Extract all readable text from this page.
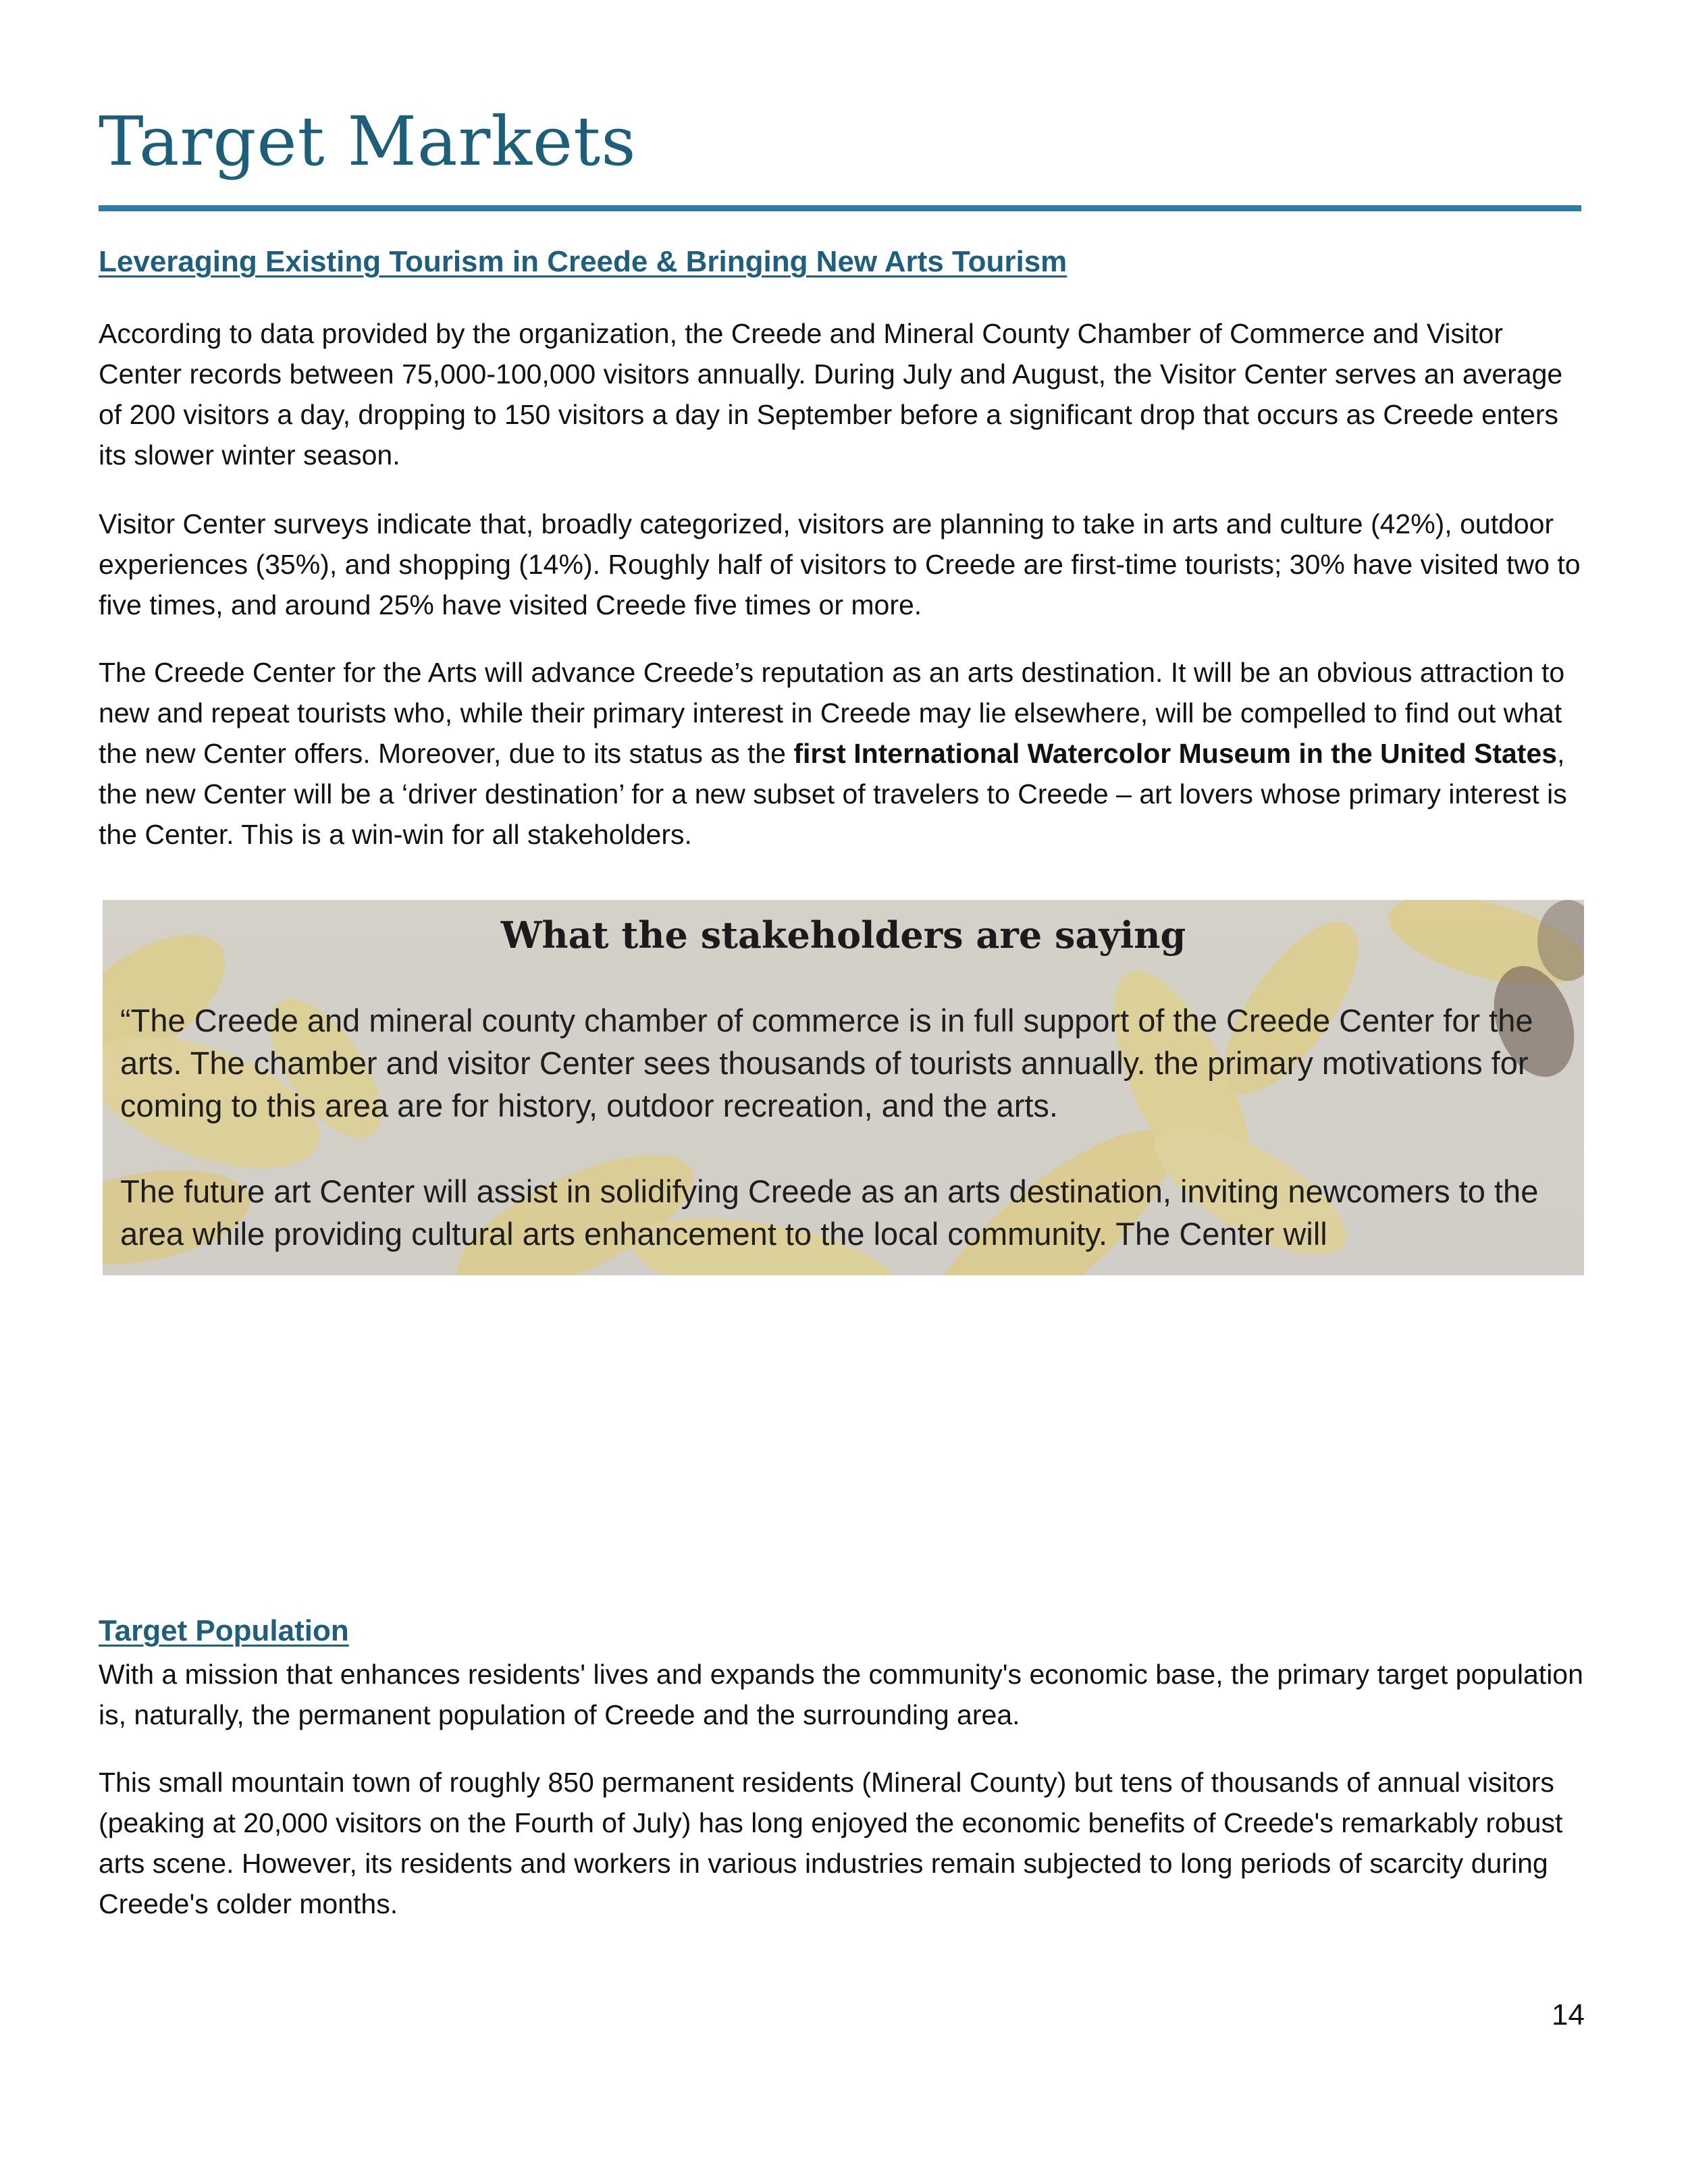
Target Markets
Leveraging Existing Tourism in Creede & Bringing New Arts Tourism

According to data provided by the organization, the Creede and Mineral County Chamber of Commerce and Visitor Center records between 75,000-100,000 visitors annually. During July and August, the Visitor Center serves an average of 200 visitors a day, dropping to 150 visitors a day in September before a significant drop that occurs as Creede enters its slower winter season.

Visitor Center surveys indicate that, broadly categorized, visitors are planning to take in arts and culture (42%), outdoor experiences (35%), and shopping (14%). Roughly half of visitors to Creede are first-time tourists; 30% have visited two to five times, and around 25% have visited Creede five times or more.

The Creede Center for the Arts will advance Creede’s reputation as an arts destination. It will be an obvious attraction to new and repeat tourists who, while their primary interest in Creede may lie elsewhere, will be compelled to find out what the new Center offers. Moreover, due to its status as the first International Watercolor Museum in the United States, the new Center will be a ‘driver destination’ for a new subset of travelers to Creede – art lovers whose primary interest is the Center. This is a win-win for all stakeholders.

What the stakeholders are saying

“The Creede and mineral county chamber of commerce is in full support of the Creede Center for the arts. The chamber and visitor Center sees thousands of tourists annually. the primary motivations for coming to this area are for history, outdoor recreation, and the arts.

The future art Center will assist in solidifying Creede as an arts destination, inviting newcomers to the area while providing cultural arts enhancement to the local community. The Center will

Target Population

With a mission that enhances residents' lives and expands the community's economic base, the primary target population is, naturally, the permanent population of Creede and the surrounding area.

This small mountain town of roughly 850 permanent residents (Mineral County) but tens of thousands of annual visitors (peaking at 20,000 visitors on the Fourth of July) has long enjoyed the economic benefits of Creede's remarkably robust arts scene. However, its residents and workers in various industries remain subjected to long periods of scarcity during Creede's colder months.

14
